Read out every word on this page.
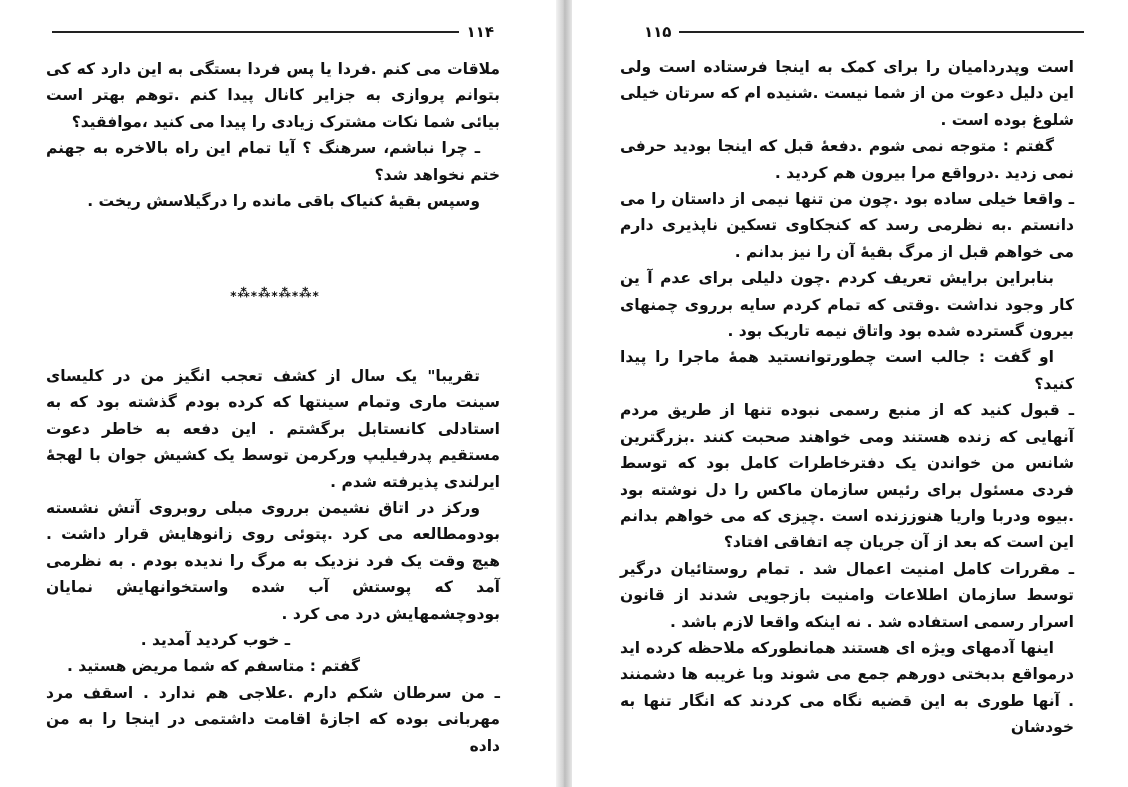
۱۱۴

ملاقات می کنم .فردا یا پس فردا بستگی به این دارد که کی بتوانم پروازی به جزایر کانال پیدا کنم .توهم بهتر است بیائی شما نکات مشترک زیادی را پیدا می کنید ،موافقید؟

ـ چرا نباشم، سرهنگ ؟ آیا تمام این راه بالاخره به جهنم ختم نخواهد شد؟

وسپس بقیهٔ کنیاک باقی مانده را درگیلاسش ریخت .

⁎⁂⁎⁂⁎⁂⁎⁂⁎

تقریبا" یک سال از کشف تعجب انگیز من در کلیسای سینت ماری وتمام سینتها که کرده بودم گذشته بود که به استادلی کانستابل برگشتم . این دفعه به خاطر دعوت مستقیم پدرفیلیپ ورکرمن توسط یک کشیش جوان با لهجهٔ ایرلندی پذیرفته شدم .

ورکز در اتاق نشیمن برروی مبلی روبروی آتش نشسته بودومطالعه می کرد .پتوئی روی زانوهایش قرار داشت . هیچ وقت یک فرد نزدیک به مرگ را ندیده بودم . به نظرمی آمد که پوستش آب شده واستخوانهایش نمایان بودوچشمهایش درد می کرد .

ـ خوب کردید آمدید .

گفتم : متاسفم که شما مریض هستید .

ـ من سرطان شکم دارم .علاجی هم ندارد . اسقف مرد مهربانی بوده که اجازهٔ اقامت داشتمی در اینجا را به من داده

۱۱۵

است وپدردامیان را برای کمک به اینجا فرستاده است ولی این دلیل دعوت من از شما نیست .شنیده ام که سرتان خیلی شلوغ بوده است .

گفتم : متوجه نمی شوم .دفعهٔ قبل که اینجا بودید حرفی نمی زدید .درواقع مرا بیرون هم کردید .

ـ واقعا خیلی ساده بود .چون من تنها نیمی از داستان را می دانستم .به نظرمی رسد که کنجکاوی تسکین ناپذیری دارم می خواهم قبل از مرگ بقیهٔ آن را نیز بدانم .

بنابراین برایش تعریف کردم .چون دلیلی برای عدم آ ین کار وجود نداشت .وقتی که تمام کردم سایه برروی چمنهای بیرون گسترده شده بود واتاق نیمه تاریک بود .

او گفت : جالب است چطورتوانستید همهٔ ماجرا را پیدا کنید؟

ـ قبول کنید که از منبع رسمی نبوده تنها از طریق مردم آنهایی که زنده هستند ومی خواهند صحبت کنند .بزرگترین شانس من خواندن یک دفترخاطرات کامل بود که توسط فردی مسئول برای رئیس سازمان ماکس را دل نوشته بود .بیوه ودربا واریا هنوززنده است .چیزی که می خواهم بدانم این است که بعد از آن جریان چه اتفاقی افتاد؟

ـ مقررات کامل امنیت اعمال شد . تمام روستائیان درگیر توسط سازمان اطلاعات وامنیت بازجویی شدند از قانون اسرار رسمی استفاده شد . نه اینکه واقعا لازم باشد .

اینها آدمهای ویژه ای هستند همانطورکه ملاحظه کرده اید درمواقع بدبختی دورهم جمع می شوند وبا غریبه ها دشمنند . آنها طوری به این قضیه نگاه می کردند که انگار تنها به خودشان
